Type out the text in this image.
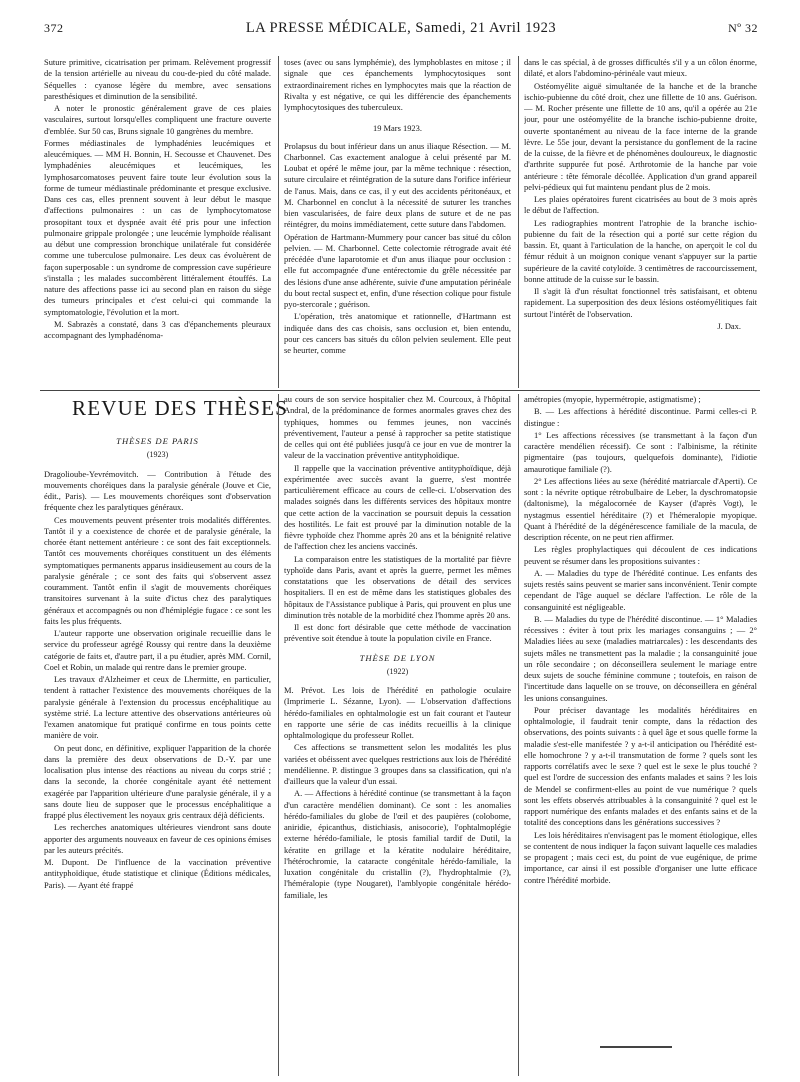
372	LA PRESSE MÉDICALE, Samedi, 21 Avril 1923	Nº 32

Suture primitive, cicatrisation per primam. Relèvement progressif de la tension artérielle au niveau du cou-de-pied du côté malade. Séquelles : cyanose légère du membre, avec sensations paresthésiques et diminution de la sensibilité.

A noter le pronostic généralement grave de ces plaies vasculaires, surtout lorsqu'elles compliquent une fracture ouverte d'emblée. Sur 50 cas, Bruns signale 10 gangrènes du membre.

Formes médiastinales de lymphadénies leucémiques et aleucémiques. — MM H. Bonnin, H. Secousse et Chauvenet. Des lymphadénies aleucémiques et leucémiques, les lymphosarcomatoses peuvent faire toute leur évolution sous la forme de tumeur médiastinale prédominante et presque exclusive. Dans ces cas, elles prennent souvent à leur début le masque d'affections pulmonaires : un cas de lymphocytomatose prosopitant toux et dyspnée avait été pris pour une infection pulmonaire grippale prolongée ; une leucémie lymphoïde réalisant au début une compression bronchique unilatérale fut considérée comme une tuberculose pulmonaire. Les deux cas évoluèrent de façon superposable : un syndrome de compression cave supérieure s'installa ; les malades succombèrent littéralement étouffés. La nature des affections passe ici au second plan en raison du siège des tumeurs principales et c'est celui-ci qui commande la symptomatologie, l'évolution et la mort.

M. Sabrazès a constaté, dans 3 cas d'épanchements pleuraux accompagnant des lymphadénoma-

toses (avec ou sans lymphémie), des lymphoblastes en mitose ; il signale que ces épanchements lymphocytosiques sont extraordinairement riches en lymphocytes mais que la réaction de Rivalta y est négative, ce qui les différencie des épanchements lymphocytosiques des tuberculeux.

19 Mars 1923.

Prolapsus du bout inférieur dans un anus iliaque Résection. — M. Charbonnel. Cas exactement analogue à celui présenté par M. Loubat et opéré le même jour, par la même technique : résection, suture circulaire et réintégration de la suture dans l'orifice inférieur de l'anus. Mais, dans ce cas, il y eut des accidents péritonéaux, et M. Charbonnel en conclut à la nécessité de suturer les tranches bien vascularisées, de faire deux plans de suture et de ne pas réintégrer, du moins immédiatement, cette suture dans l'abdomen.

Opération de Hartmann-Mummery pour cancer bas situé du côlon pelvien. — M. Charbonnel. Cette colectomie rétrograde avait été précédée d'une laparotomie et d'un anus iliaque pour occlusion : elle fut accompagnée d'une entérectomie du grêle nécessitée par des lésions d'une anse adhérente, suivie d'une amputation périnéale du bout rectal suspect et, enfin, d'une résection colique pour fistule pyo-stercorale ; guérison.

L'opération, très anatomique et rationnelle, d'Hartmann est indiquée dans des cas choisis, sans occlusion et, bien entendu, pour ces cancers bas situés du côlon pelvien seulement. Elle peut se heurter, comme

dans le cas spécial, à de grosses difficultés s'il y a un côlon énorme, dilaté, et alors l'abdomino-périnéale vaut mieux.

Ostéomyélite aiguë simultanée de la hanche et de la branche ischio-pubienne du côté droit, chez une fillette de 10 ans. Guérison. — M. Rocher présente une fillette de 10 ans, qu'il a opérée au 21e jour, pour une ostéomyélite de la branche ischio-pubienne droite, ouverte spontanément au niveau de la face interne de la grande lèvre. Le 55e jour, devant la persistance du gonflement de la racine de la cuisse, de la fièvre et de phénomènes douloureux, le diagnostic d'arthrite suppurée fut posé. Arthrotomie de la hanche par voie antérieure : tête fémorale décollée. Application d'un grand appareil pelvi-pédieux qui fut maintenu pendant plus de 2 mois.

Les plaies opératoires furent cicatrisées au bout de 3 mois après le début de l'affection.

Les radiographies montrent l'atrophie de la branche ischio-pubienne du fait de la résection qui a porté sur cette région du bassin. Et, quant à l'articulation de la hanche, on aperçoit le col du fémur réduit à un moignon conique venant s'appuyer sur la partie supérieure de la cavité cotyloïde. 3 centimètres de raccourcissement, bonne attitude de la cuisse sur le bassin.

Il s'agit là d'un résultat fonctionnel très satisfaisant, et obtenu rapidement. La superposition des deux lésions ostéomyélitiques fait surtout l'intérêt de l'observation.

J. Dax.

REVUE DES THÈSES

THÈSES DE PARIS

(1923)

Dragolioube-Yevrémovitch. — Contribution à l'étude des mouvements choréiques dans la paralysie générale (Jouve et Cie, édit., Paris). — Les mouvements choréiques sont d'observation fréquente chez les paralytiques généraux.

Ces mouvements peuvent présenter trois modalités différentes. Tantôt il y a coexistence de chorée et de paralysie générale, la chorée étant nettement antérieure : ce sont des fait exceptionnels. Tantôt ces mouvements choréiques constituent un des éléments symptomatiques permanents apparus insidieusement au cours de la paralysie générale ; ce sont des faits qui s'observent assez couramment. Tantôt enfin il s'agit de mouvements choréiques transitoires survenant à la suite d'ictus chez des paralytiques généraux et accompagnés ou non d'hémiplégie fugace : ce sont les faits les plus fréquents.

L'auteur rapporte une observation originale recueillie dans le service du professeur agrégé Roussy qui rentre dans la deuxième catégorie de faits et, d'autre part, il a pu étudier, après MM. Cornil, Coel et Robin, un malade qui rentre dans le premier groupe.

Les travaux d'Alzheimer et ceux de Lhermitte, en particulier, tendent à rattacher l'existence des mouvements choréiques de la paralysie générale à l'extension du processus encéphalitique au système strié. La lecture attentive des observations antérieures où l'examen anatomique fut pratiqué confirme en tous points cette manière de voir.

On peut donc, en définitive, expliquer l'apparition de la chorée dans la première des deux observations de D.-Y. par une localisation plus intense des réactions au niveau du corps strié ; dans la seconde, la chorée congénitale ayant été nettement exagérée par l'apparition ultérieure d'une paralysie générale, il y a sans doute lieu de supposer que le processus encéphalitique a frappé plus électivement les noyaux gris centraux déjà déficients.

Les recherches anatomiques ultérieures viendront sans doute apporter des arguments nouveaux en faveur de ces opinions émises par les auteurs précités.

M. Dupont. De l'influence de la vaccination préventive antityphoïdique, étude statistique et clinique (Éditions médicales, Paris). — Ayant été frappé

au cours de son service hospitalier chez M. Courcoux, à l'hôpital Andral, de la prédominance de formes anormales graves chez des typhiques, hommes ou femmes jeunes, non vaccinés préventivement, l'auteur a pensé à rapprocher sa petite statistique de celles qui ont été publiées jusqu'à ce jour en vue de montrer la valeur de la vaccination préventive antityphoïdique.

Il rappelle que la vaccination préventive antityphoïdique, déjà expérimentée avec succès avant la guerre, s'est montrée particulièrement efficace au cours de celle-ci. L'observation des malades soignés dans les différents services des hôpitaux montre que cette action de la vaccination se poursuit depuis la cessation des hostilités. Le fait est prouvé par la diminution notable de la fièvre typhoïde chez l'homme après 20 ans et la bénignité relative de l'affection chez les anciens vaccinés.

La comparaison entre les statistiques de la mortalité par fièvre typhoïde dans Paris, avant et après la guerre, permet les mêmes constatations que les observations de détail des services hospitaliers. Il en est de même dans les statistiques globales des hôpitaux de l'Assistance publique à Paris, qui prouvent en plus une diminution très notable de la morbidité chez l'homme après 20 ans.

Il est donc fort désirable que cette méthode de vaccination préventive soit étendue à toute la population civile en France.

THÈSE DE LYON

(1922)

M. Prévot. Les lois de l'hérédité en pathologie oculaire (Imprimerie L. Sézanne, Lyon). — L'observation d'affections hérédo-familiales en ophtalmologie est un fait courant et l'auteur en rapporte une série de cas inédits recueillis à la clinique ophtalmologique du professeur Rollet.

Ces affections se transmettent selon les modalités les plus variées et obéissent avec quelques restrictions aux lois de l'hérédité mendélienne. P. distingue 3 groupes dans sa classification, qui n'a d'ailleurs que la valeur d'un essai.

A. — Affections à hérédité continue (se transmettant à la façon d'un caractère mendélien dominant). Ce sont : les anomalies hérédo-familiales du globe de l'œil et des paupières (colobome, aniridie, épicanthus, distichiasis, anisocorie), l'ophtalmoplégie externe hérédo-familiale, le ptosis familial tardif de Dutil, la kératite en grillage et la kératite nodulaire héréditaire, l'hétérochromie, la cataracte congénitale hérédo-familiale, la luxation congénitale du cristallin (?), l'hydrophtalmie (?), l'héméralopie (type Nougaret), l'amblyopie congénitale hérédo-familiale, les

amétropies (myopie, hypermétropie, astigmatisme) ;

B. — Les affections à hérédité discontinue. Parmi celles-ci P. distingue :

1° Les affections récessives (se transmettant à la façon d'un caractère mendélien récessif). Ce sont : l'albinisme, la rétinite pigmentaire (pas toujours, quelquefois dominante), l'idiotie amaurotique familiale (?).

2° Les affections liées au sexe (hérédité matriarcale d'Aperti). Ce sont : la névrite optique rétrobulbaire de Leber, la dyschromatopsie (daltonisme), la mégalocornée de Kayser (d'après Vogt), le nystagmus essentiel héréditaire (?) et l'hémeralopie myopique. Quant à l'hérédité de la dégénérescence familiale de la macula, de description récente, on ne peut rien affirmer.

Les règles prophylactiques qui découlent de ces indications peuvent se résumer dans les propositions suivantes :

A. — Maladies du type de l'hérédité continue. Les enfants des sujets restés sains peuvent se marier sans inconvénient. Tenir compte cependant de l'âge auquel se déclare l'affection. Le rôle de la consanguinité est négligeable.

B. — Maladies du type de l'hérédité discontinue. — 1° Maladies récessives : éviter à tout prix les mariages consanguins ; — 2° Maladies liées au sexe (maladies matriarcales) : les descendants des sujets mâles ne transmettent pas la maladie ; la consanguinité joue un rôle secondaire ; on déconseillera seulement le mariage entre deux sujets de souche féminine commune ; toutefois, en raison de l'incertitude dans laquelle on se trouve, on déconseillera en général les unions consanguines.

Pour préciser davantage les modalités héréditaires en ophtalmologie, il faudrait tenir compte, dans la rédaction des observations, des points suivants : à quel âge et sous quelle forme la maladie s'est-elle manifestée ? y a-t-il anticipation ou l'hérédité est-elle homochrone ? y a-t-il transmutation de forme ? quels sont les rapports corrélatifs avec le sexe ? quel est le sexe le plus touché ? quel est l'ordre de succession des enfants malades et sains ? les lois de Mendel se confirment-elles au point de vue numérique ? quels sont les effets observés attribuables à la consanguinité ? quel est le rapport numérique des enfants malades et des enfants sains et de la totalité des conceptions dans les générations successives ?

Les lois héréditaires n'envisagent pas le moment étiologique, elles se contentent de nous indiquer la façon suivant laquelle ces maladies se propagent ; mais ceci est, du point de vue eugénique, de prime importance, car ainsi il est possible d'organiser une lutte efficace contre l'hérédité morbide.
